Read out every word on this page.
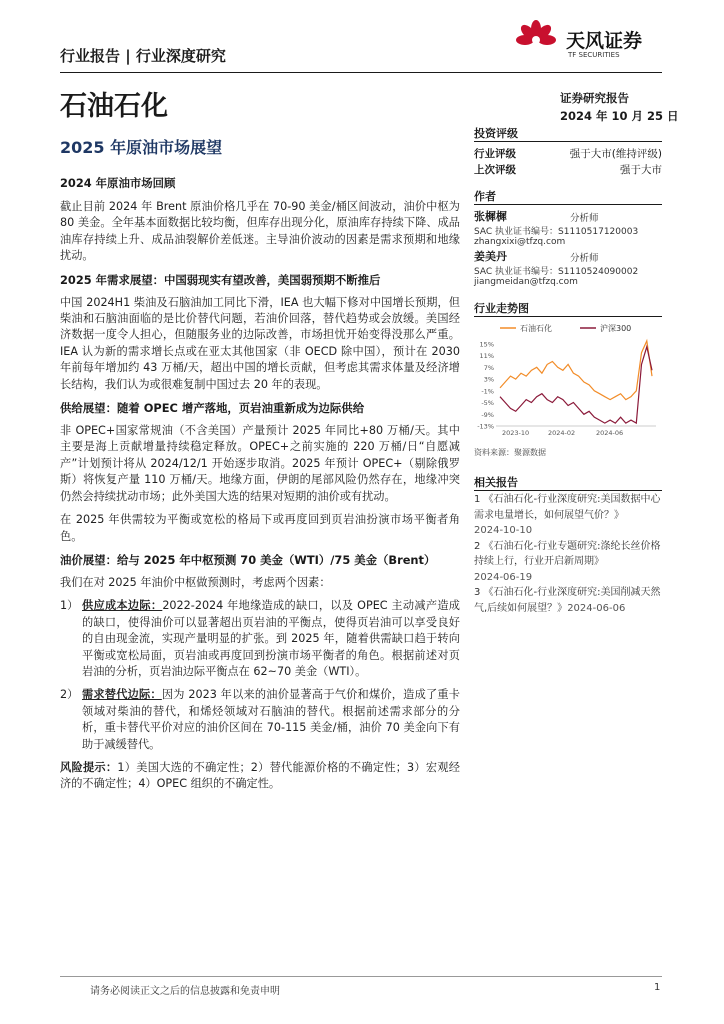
行业报告 | 行业深度研究
天风证券
TF SECURITIES
石油石化	证券研究报告
2024 年 10 月 25 日
2025 年原油市场展望
投资评级
行业评级	强于大市(维持评级)
上次评级	强于大市
作者
张樨樨	分析师
SAC 执业证书编号：S1110517120003
zhangxixi@tfzq.com
姜美丹	分析师
SAC 执业证书编号：S1110524090002
jiangmeidan@tfzq.com
行业走势图
石油石化	沪深300
15%
11%
7%
3%
-1%
-5%
-9%
-13%
2023-10	2024-02	2024-06
资料来源：聚源数据
相关报告
1 《石油石化-行业深度研究:美国数据中心需求电量增长，如何展望气价？》
2024-10-10
2 《石油石化-行业专题研究:涤纶长丝价格持续上行，行业开启新周期》
2024-06-19
3 《石油石化-行业深度研究:美国削减天然气,后续如何展望？》2024-06-06
2024 年原油市场回顾
截止目前 2024 年 Brent 原油价格几乎在 70-90 美金/桶区间波动，油价中枢为 80 美金。全年基本面数据比较均衡，但库存出现分化，原油库存持续下降、成品油库存持续上升、成品油裂解价差低迷。主导油价波动的因素是需求预期和地缘扰动。
2025 年需求展望：中国弱现实有望改善，美国弱预期不断推后
中国 2024H1 柴油及石脑油加工同比下滑，IEA 也大幅下修对中国增长预期，但柴油和石脑油面临的是比价替代问题，若油价回落，替代趋势或会放缓。美国经济数据一度令人担心，但随服务业的边际改善，市场担忧开始变得没那么严重。IEA 认为新的需求增长点或在亚太其他国家（非 OECD 除中国），预计在 2030 年前每年增加约 43 万桶/天，超出中国的增长贡献，但考虑其需求体量及经济增长结构，我们认为或很难复制中国过去 20 年的表现。
供给展望：随着 OPEC 增产落地，页岩油重新成为边际供给
非 OPEC+国家常规油（不含美国）产量预计 2025 年同比+80 万桶/天。其中主要是海上贡献增量持续稳定释放。OPEC+之前实施的 220 万桶/日“自愿减产”计划预计将从 2024/12/1 开始逐步取消。2025 年预计 OPEC+（剔除俄罗斯）将恢复产量 110 万桶/天。地缘方面，伊朗的尾部风险仍然存在，地缘冲突仍然会持续扰动市场；此外美国大选的结果对短期的油价或有扰动。
在 2025 年供需较为平衡或宽松的格局下或再度回到页岩油扮演市场平衡者角色。
油价展望：给与 2025 年中枢预测 70 美金（WTI）/75 美金（Brent）
我们在对 2025 年油价中枢做预测时，考虑两个因素：
1） 供应成本边际：2022-2024 年地缘造成的缺口，以及 OPEC 主动减产造成的缺口，使得油价可以显著超出页岩油的平衡点，使得页岩油可以享受良好的自由现金流，实现产量明显的扩张。到 2025 年，随着供需缺口趋于转向平衡或宽松局面，页岩油或再度回到扮演市场平衡者的角色。根据前述对页岩油的分析，页岩油边际平衡点在 62~70 美金（WTI）。
2） 需求替代边际：因为 2023 年以来的油价显著高于气价和煤价，造成了重卡领域对柴油的替代，和烯烃领域对石脑油的替代。根据前述需求部分的分析，重卡替代平价对应的油价区间在 70-115 美金/桶，油价 70 美金向下有助于减缓替代。
风险提示：1）美国大选的不确定性；2）替代能源价格的不确定性；3）宏观经济的不确定性；4）OPEC 组织的不确定性。
请务必阅读正文之后的信息披露和免责申明	1
